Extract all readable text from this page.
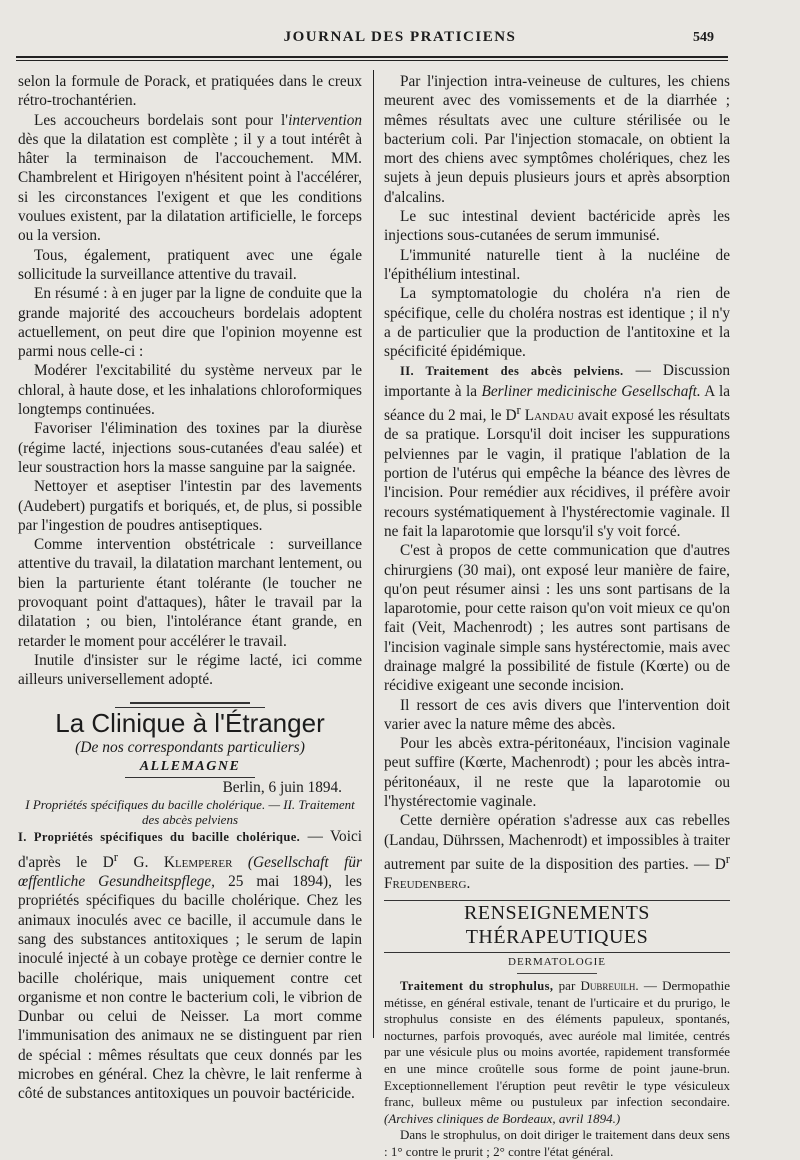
JOURNAL DES PRATICIENS	549

selon la formule de Porack, et pratiquées dans le creux rétro-trochantérien.

Les accoucheurs bordelais sont pour l'intervention dès que la dilatation est complète ; il y a tout intérêt à hâter la terminaison de l'accouchement. MM. Chambrelent et Hirigoyen n'hésitent point à l'accélérer, si les circonstances l'exigent et que les conditions voulues existent, par la dilatation artificielle, le forceps ou la version.

Tous, également, pratiquent avec une égale sollicitude la surveillance attentive du travail.

En résumé : à en juger par la ligne de conduite que la grande majorité des accoucheurs bordelais adoptent actuellement, on peut dire que l'opinion moyenne est parmi nous celle-ci :

Modérer l'excitabilité du système nerveux par le chloral, à haute dose, et les inhalations chloroformiques longtemps continuées.

Favoriser l'élimination des toxines par la diurèse (régime lacté, injections sous-cutanées d'eau salée) et leur soustraction hors la masse sanguine par la saignée.

Nettoyer et aseptiser l'intestin par des lavements (Audebert) purgatifs et boriqués, et, de plus, si possible par l'ingestion de poudres antiseptiques.

Comme intervention obstétricale : surveillance attentive du travail, la dilatation marchant lentement, ou bien la parturiente étant tolérante (le toucher ne provoquant point d'attaques), hâter le travail par la dilatation ; ou bien, l'intolérance étant grande, en retarder le moment pour accélérer le travail.

Inutile d'insister sur le régime lacté, ici comme ailleurs universellement adopté.

La Clinique à l'Étranger

(De nos correspondants particuliers)

ALLEMAGNE

Berlin, 6 juin 1894.

I Propriétés spécifiques du bacille cholérique. — II. Traitement des abcès pelviens

I. Propriétés spécifiques du bacille cholérique. — Voici d'après le $D^r$ G. Klemperer (Gesellschaft für œffentliche Gesundheitspflege, 25 mai 1894), les propriétés spécifiques du bacille cholérique. Chez les animaux inoculés avec ce bacille, il accumule dans le sang des substances antitoxiques ; le serum de lapin inoculé injecté à un cobaye protège ce dernier contre le bacille cholérique, mais uniquement contre cet organisme et non contre le bacterium coli, le vibrion de Dunbar ou celui de Neisser. La mort comme l'immunisation des animaux ne se distinguent par rien de spécial : mêmes résultats que ceux donnés par les microbes en général. Chez la chèvre, le lait renferme à côté de substances antitoxiques un pouvoir bactéricide.

Par l'injection intra-veineuse de cultures, les chiens meurent avec des vomissements et de la diarrhée ; mêmes résultats avec une culture stérilisée ou le bacterium coli. Par l'injection stomacale, on obtient la mort des chiens avec symptômes cholériques, chez les sujets à jeun depuis plusieurs jours et après absorption d'alcalins.

Le suc intestinal devient bactéricide après les injections sous-cutanées de serum immunisé.

L'immunité naturelle tient à la nucléine de l'épithélium intestinal.

La symptomatologie du choléra n'a rien de spécifique, celle du choléra nostras est identique ; il n'y a de particulier que la production de l'antitoxine et la spécificité épidémique.

II. Traitement des abcès pelviens. — Discussion importante à la Berliner medicinische Gesellschaft. A la séance du 2 mai, le $D^r$ Landau avait exposé les résultats de sa pratique. Lorsqu'il doit inciser les suppurations pelviennes par le vagin, il pratique l'ablation de la portion de l'utérus qui empêche la béance des lèvres de l'incision. Pour remédier aux récidives, il préfère avoir recours systématiquement à l'hystérectomie vaginale. Il ne fait la laparotomie que lorsqu'il s'y voit forcé.

C'est à propos de cette communication que d'autres chirurgiens (30 mai), ont exposé leur manière de faire, qu'on peut résumer ainsi : les uns sont partisans de la laparotomie, pour cette raison qu'on voit mieux ce qu'on fait (Veit, Machenrodt) ; les autres sont partisans de l'incision vaginale simple sans hystérectomie, mais avec drainage malgré la possibilité de fistule (Kœrte) ou de récidive exigeant une seconde incision.

Il ressort de ces avis divers que l'intervention doit varier avec la nature même des abcès.

Pour les abcès extra-péritonéaux, l'incision vaginale peut suffire (Kœrte, Machenrodt) ; pour les abcès intra-péritonéaux, il ne reste que la laparotomie ou l'hystérectomie vaginale.

Cette dernière opération s'adresse aux cas rebelles (Landau, Dührssen, Machenrodt) et impossibles à traiter autrement par suite de la disposition des parties. — $D^r$ Freudenberg.

RENSEIGNEMENTS THÉRAPEUTIQUES

DERMATOLOGIE

Traitement du strophulus, par Dubreuilh. — Dermopathie métisse, en général estivale, tenant de l'urticaire et du prurigo, le strophulus consiste en des éléments papuleux, spontanés, nocturnes, parfois provoqués, avec auréole mal limitée, centrés par une vésicule plus ou moins avortée, rapidement transformée en une mince croûtelle sous forme de point jaune-brun. Exceptionnellement l'éruption peut revêtir le type vésiculeux franc, bulleux même ou pustuleux par infection secondaire. (Archives cliniques de Bordeaux, avril 1894.)

Dans le strophulus, on doit diriger le traitement dans deux sens : 1° contre le prurit ; 2° contre l'état général.
